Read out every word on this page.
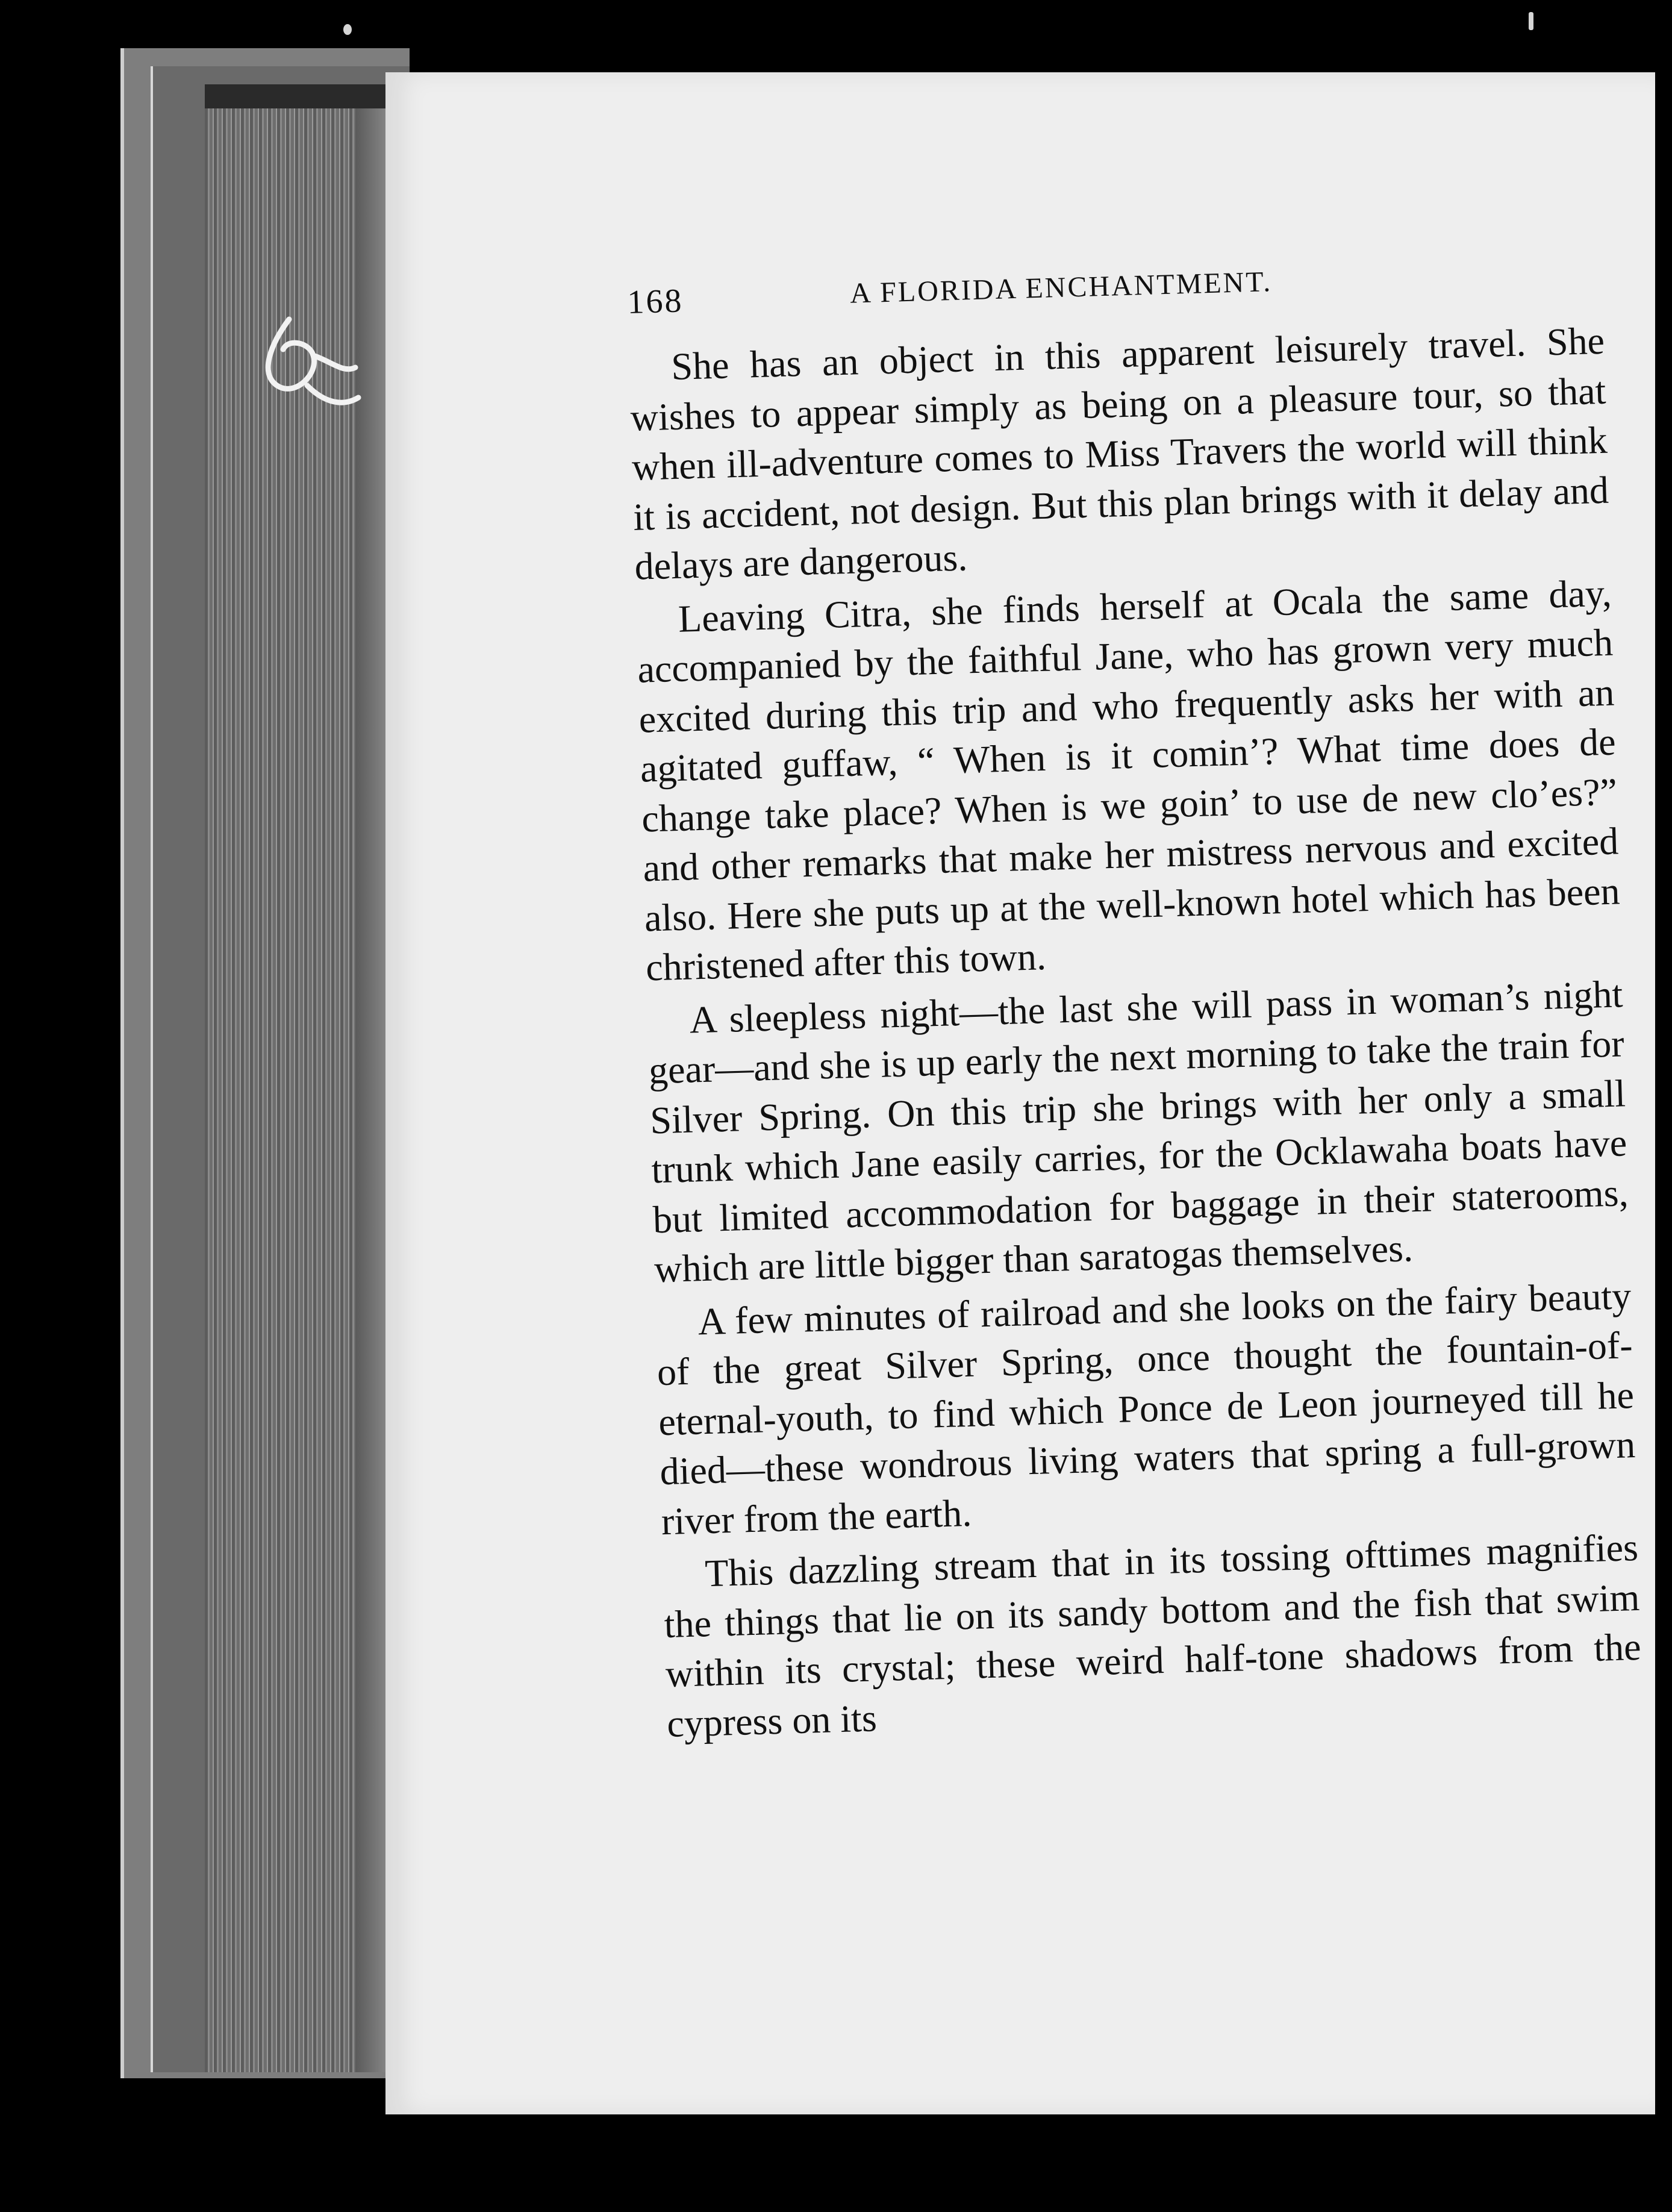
168	A FLORIDA ENCHANTMENT.

She has an object in this apparent leisurely travel. She wishes to appear simply as being on a pleasure tour, so that when ill-adventure comes to Miss Travers the world will think it is accident, not design. But this plan brings with it delay and delays are dangerous.

Leaving Citra, she finds herself at Ocala the same day, accompanied by the faithful Jane, who has grown very much excited during this trip and who frequently asks her with an agitated guffaw, “ When is it comin’? What time does de change take place? When is we goin’ to use de new clo’es?” and other remarks that make her mistress nervous and excited also. Here she puts up at the well-known hotel which has been christened after this town.

A sleepless night—the last she will pass in woman’s night gear—and she is up early the next morning to take the train for Silver Spring. On this trip she brings with her only a small trunk which Jane easily carries, for the Ocklawaha boats have but limited accommodation for baggage in their staterooms, which are little bigger than saratogas themselves.

A few minutes of railroad and she looks on the fairy beauty of the great Silver Spring, once thought the fountain-of-eternal-youth, to find which Ponce de Leon journeyed till he died—these wondrous living waters that spring a full-grown river from the earth.

This dazzling stream that in its tossing ofttimes magnifies the things that lie on its sandy bottom and the fish that swim within its crystal; these weird half-tone shadows from the cypress on its
